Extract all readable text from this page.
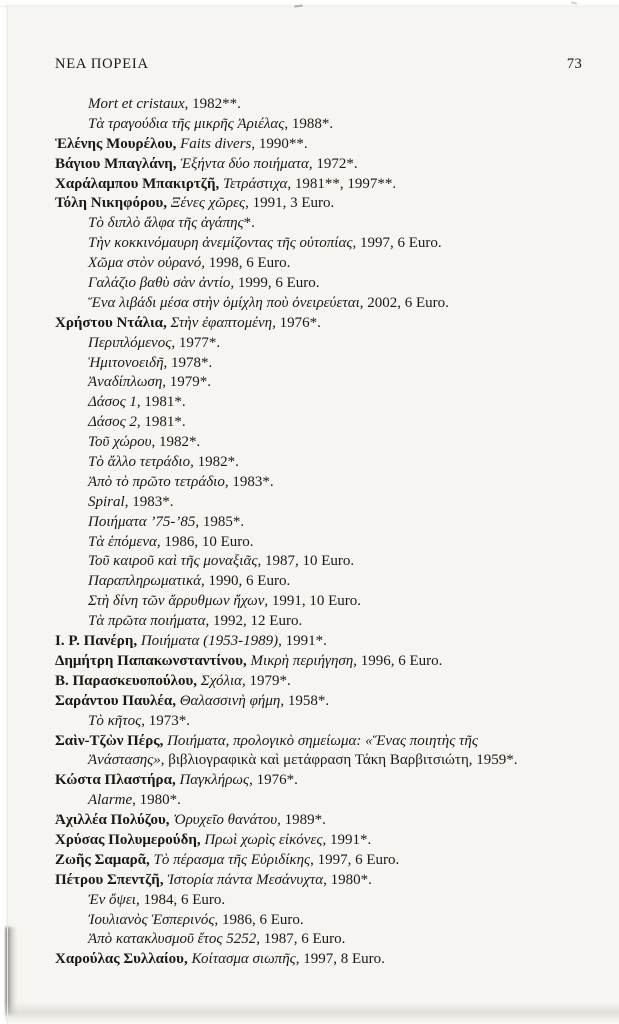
ΝΕΑ ΠΟΡΕΙΑ	73
Mort et cristaux, 1982**.
Τὰ τραγούδια τῆς μικρῆς Ἀριέλας, 1988*.
Ἑλένης Μουρέλου, Faits divers, 1990**.
Βάγιου Μπαγλάνη, Ἑξήντα δύο ποιήματα, 1972*.
Χαράλαμπου Μπακιρτζῆ, Τετράστιχα, 1981**, 1997**.
Τόλη Νικηφόρου, Ξένες χῶρες, 1991, 3 Euro.
Τὸ διπλὸ ἄλφα τῆς ἀγάπης*.
Τὴν κοκκινόμαυρη ἀνεμίζοντας τῆς οὐτοπίας, 1997, 6 Euro.
Χῶμα στὸν οὐρανό, 1998, 6 Euro.
Γαλάζιο βαθὺ σὰν ἀντίο, 1999, 6 Euro.
Ἕνα λιβάδι μέσα στὴν ὁμίχλη ποὺ ὀνειρεύεται, 2002, 6 Euro.
Χρήστου Ντάλια, Στὴν ἐφαπτομένη, 1976*.
Περιπλόμενος, 1977*.
Ἡμιτονοειδῆ, 1978*.
Ἀναδίπλωση, 1979*.
Δάσος 1, 1981*.
Δάσος 2, 1981*.
Τοῦ χώρου, 1982*.
Τὸ ἄλλο τετράδιο, 1982*.
Ἀπὸ τὸ πρῶτο τετράδιο, 1983*.
Spiral, 1983*.
Ποιήματα ’75-’85, 1985*.
Τὰ ἑπόμενα, 1986, 10 Euro.
Τοῦ καιροῦ καὶ τῆς μοναξιᾶς, 1987, 10 Euro.
Παραπληρωματικά, 1990, 6 Euro.
Στὴ δίνη τῶν ἄρρυθμων ἤχων, 1991, 10 Euro.
Τὰ πρῶτα ποιήματα, 1992, 12 Euro.
Ι. Ρ. Πανέρη, Ποιήματα (1953-1989), 1991*.
Δημήτρη Παπακωνσταντίνου, Μικρὴ περιήγηση, 1996, 6 Euro.
Β. Παρασκευοπούλου, Σχόλια, 1979*.
Σαράντου Παυλέα, Θαλασσινὴ φήμη, 1958*.
Τὸ κῆτος, 1973*.
Σαὶν-Τζὼν Πέρς, Ποιήματα, προλογικὸ σημείωμα: «Ἕνας ποιητὴς τῆς
Ἀνάστασης», βιβλιογραφικὰ καὶ μετάφραση Τάκη Βαρβιτσιώτη, 1959*.
Κώστα Πλαστήρα, Παγκλήρως, 1976*.
Alarme, 1980*.
Ἀχιλλέα Πολύζου, Ὀρυχεῖο θανάτου, 1989*.
Χρύσας Πολυμερούδη, Πρωὶ χωρὶς εἰκόνες, 1991*.
Ζωῆς Σαμαρᾶ, Τὸ πέρασμα τῆς Εὐριδίκης, 1997, 6 Euro.
Πέτρου Σπεντζῆ, Ἱστορία πάντα Μεσάνυχτα, 1980*.
Ἐν ὄψει, 1984, 6 Euro.
Ἰουλιανὸς Ἑσπερινός, 1986, 6 Euro.
Ἀπὸ κατακλυσμοῦ ἔτος 5252, 1987, 6 Euro.
Χαρούλας Συλλαίου, Κοίτασμα σιωπῆς, 1997, 8 Euro.
